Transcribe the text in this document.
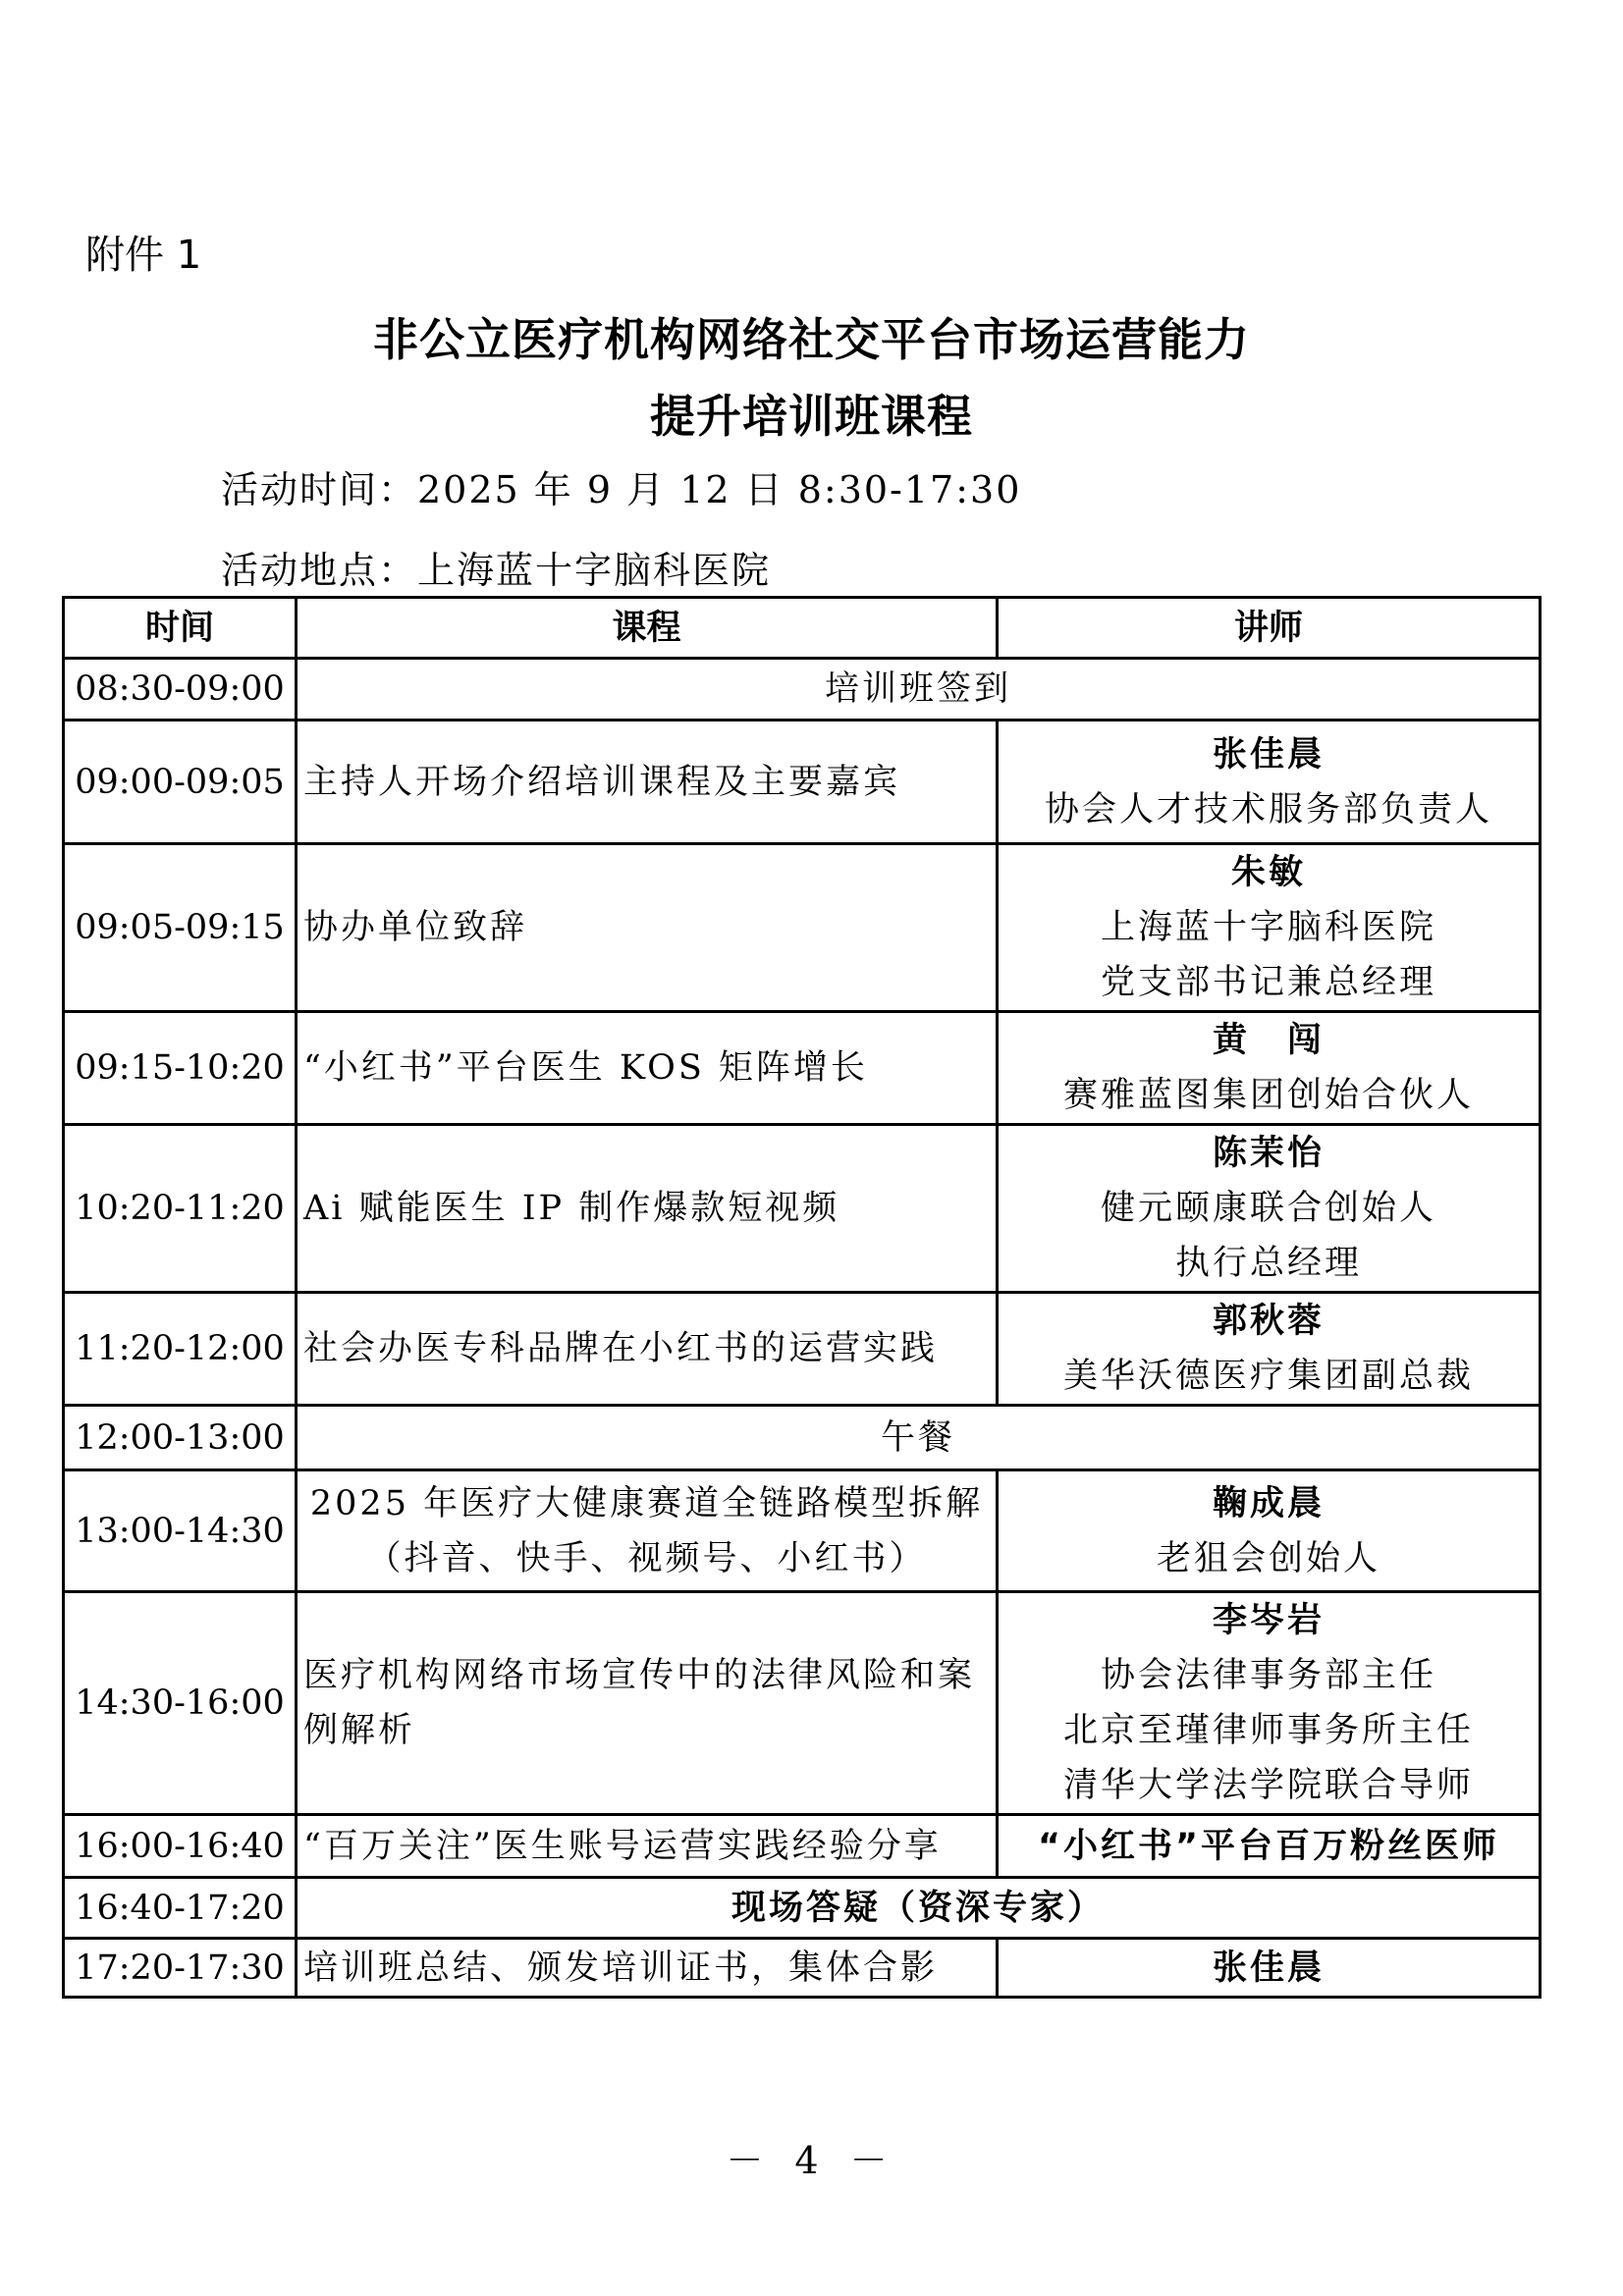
附件 1
非公立医疗机构网络社交平台市场运营能力
提升培训班课程
活动时间：2025 年 9 月 12 日 8:30-17:30
活动地点：上海蓝十字脑科医院
时间	课程	讲师
08:30-09:00	培训班签到	
09:00-09:05	主持人开场介绍培训课程及主要嘉宾	张佳晨
协会人才技术服务部负责人

09:05-09:15	协办单位致辞	朱敏
上海蓝十字脑科医院
党支部书记兼总经理

09:15-10:20	“小红书”平台医生 KOS 矩阵增长	黄　闯
赛雅蓝图集团创始合伙人

10:20-11:20	Ai 赋能医生 IP 制作爆款短视频	陈茉怡
健元颐康联合创始人
执行总经理

11:20-12:00	社会办医专科品牌在小红书的运营实践	郭秋蓉
美华沃德医疗集团副总裁

12:00-13:00	午餐	
13:00-14:30	2025 年医疗大健康赛道全链路模型拆解
（抖音、快手、视频号、小红书）	鞠成晨
老狙会创始人

14:30-16:00	医疗机构网络市场宣传中的法律风险和案例解析	李岑岩
协会法律事务部主任
北京至瑾律师事务所主任
清华大学法学院联合导师

16:00-16:40	“百万关注”医生账号运营实践经验分享	“小红书”平台百万粉丝医师

16:40-17:20	现场答疑（资深专家）	
17:20-17:30	培训班总结、颁发培训证书，集体合影	张佳晨
－ 4 －
